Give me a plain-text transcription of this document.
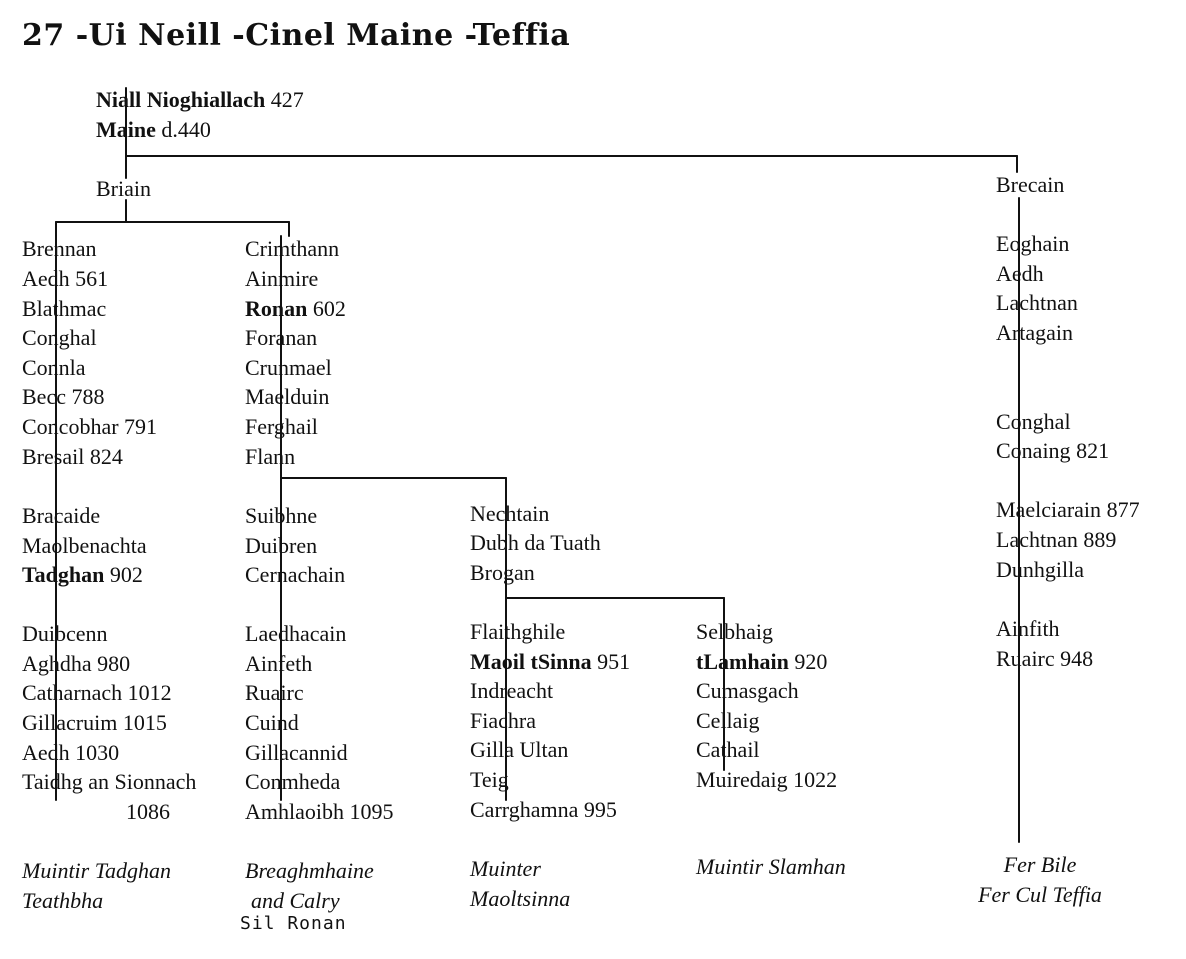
27 -Ui Neill -Cinel Maine -Teffia
Niall Nioghiallach 427
Maine d.440
Briain	Brecain
Brennan
Aedh 561
Blathmac
Conghal
Connla
Becc 788
Concobhar 791
Bresail 824
Bracaide
Maolbenachta
Tadghan 902
Duibcenn
Aghdha 980
Catharnach 1012
Gillacruim 1015
Aedh 1030
Taidhg an Sionnach
1086
Crimthann
Ainmire
Ronan 602
Foranan
Crunmael
Maelduin
Ferghail
Flann
Suibhne
Duibren
Cernachain
Laedhacain
Ainfeth
Ruairc
Cuind
Gillacannid
Conmheda
Amhlaoibh 1095
Nechtain
Dubh da Tuath
Brogan
Flaithghile
Maoil tSinna 951
Indreacht
Fiachra
Gilla Ultan
Teig
Carrghamna 995
Selbhaig
tLamhain 920
Cumasgach
Cellaig
Cathail
Muiredaig 1022
Eoghain
Aedh
Lachtnan
Artagain
Conghal
Conaing 821
Maelciarain 877
Lachtnan 889
Dunhgilla
Ainfith
Ruairc 948
Muintir Tadghan
Teathbha
Breaghmhaine
and Calry
Sil Ronan
Muinter
Maoltsinna
Muintir Slamhan	Fer Bile
Fer Cul Teffia
